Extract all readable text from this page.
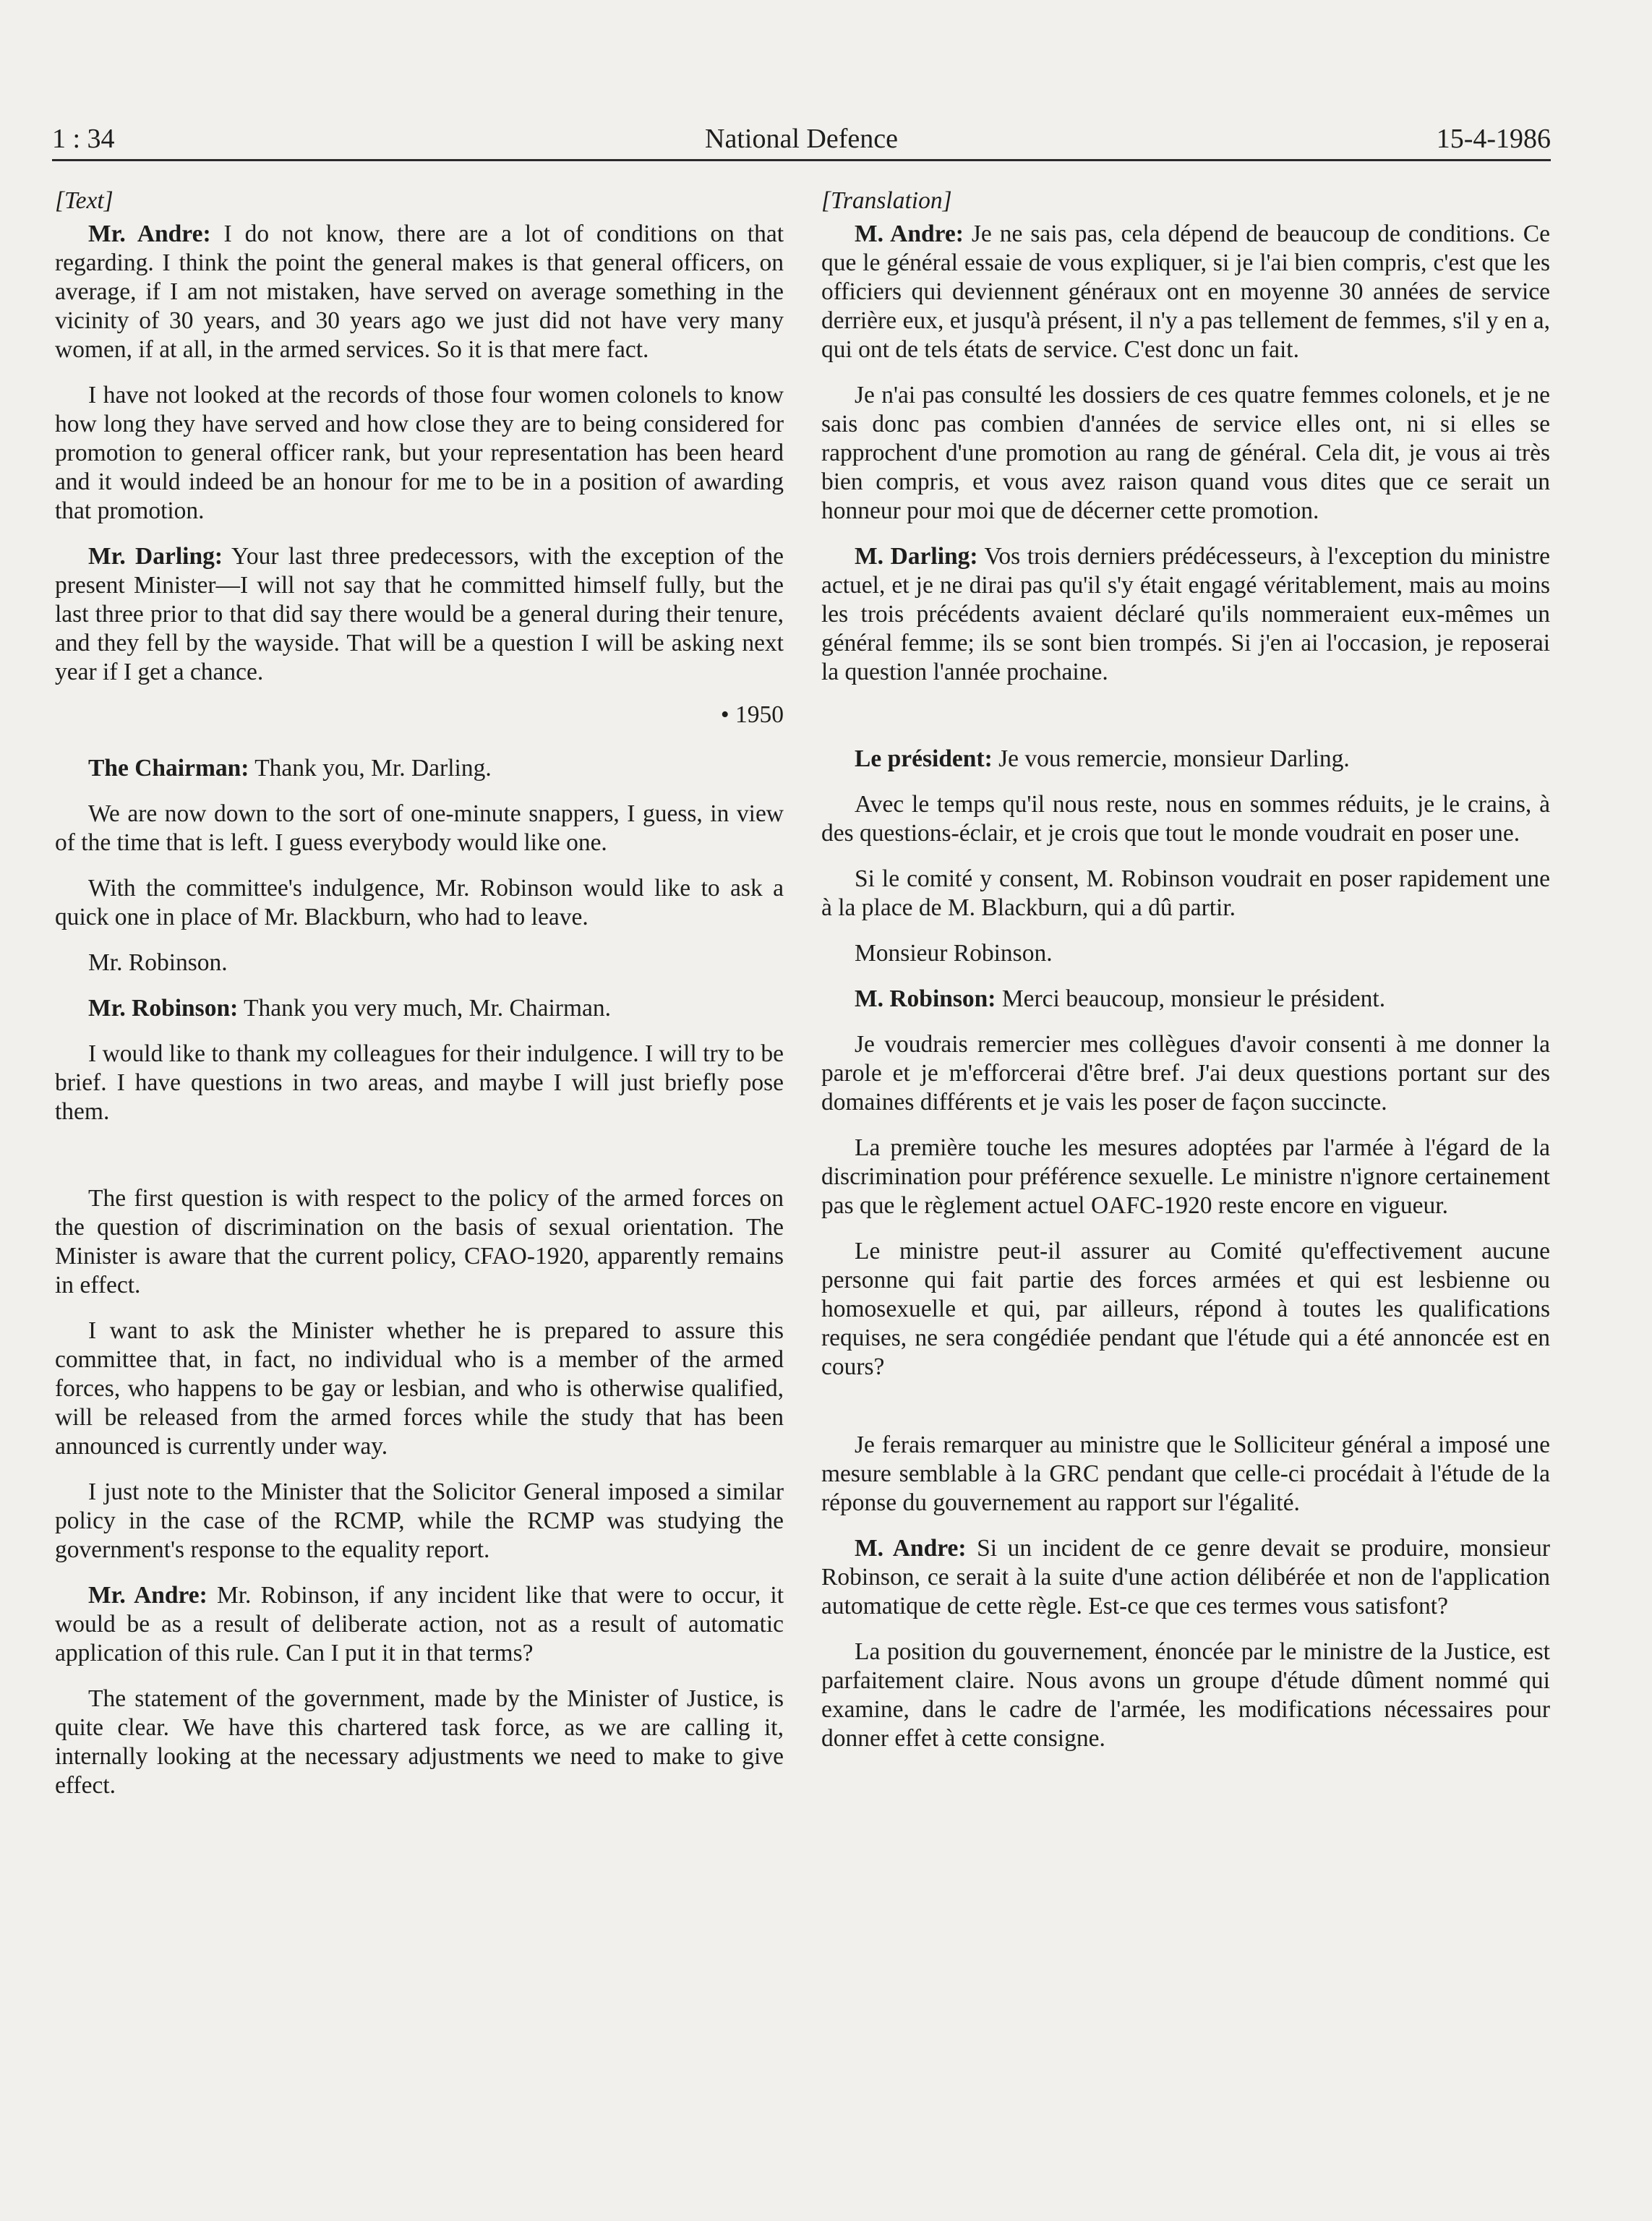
1 : 34	National Defence	15-4-1986
[Text]

Mr. Andre: I do not know, there are a lot of conditions on that regarding. I think the point the general makes is that general officers, on average, if I am not mistaken, have served on average something in the vicinity of 30 years, and 30 years ago we just did not have very many women, if at all, in the armed services. So it is that mere fact.

I have not looked at the records of those four women colonels to know how long they have served and how close they are to being considered for promotion to general officer rank, but your representation has been heard and it would indeed be an honour for me to be in a position of awarding that promotion.

Mr. Darling: Your last three predecessors, with the exception of the present Minister—I will not say that he committed himself fully, but the last three prior to that did say there would be a general during their tenure, and they fell by the wayside. That will be a question I will be asking next year if I get a chance.

• 1950

The Chairman: Thank you, Mr. Darling.

We are now down to the sort of one-minute snappers, I guess, in view of the time that is left. I guess everybody would like one.

With the committee's indulgence, Mr. Robinson would like to ask a quick one in place of Mr. Blackburn, who had to leave.

Mr. Robinson.

Mr. Robinson: Thank you very much, Mr. Chairman.

I would like to thank my colleagues for their indulgence. I will try to be brief. I have questions in two areas, and maybe I will just briefly pose them.

The first question is with respect to the policy of the armed forces on the question of discrimination on the basis of sexual orientation. The Minister is aware that the current policy, CFAO-1920, apparently remains in effect.

I want to ask the Minister whether he is prepared to assure this committee that, in fact, no individual who is a member of the armed forces, who happens to be gay or lesbian, and who is otherwise qualified, will be released from the armed forces while the study that has been announced is currently under way.

I just note to the Minister that the Solicitor General imposed a similar policy in the case of the RCMP, while the RCMP was studying the government's response to the equality report.

Mr. Andre: Mr. Robinson, if any incident like that were to occur, it would be as a result of deliberate action, not as a result of automatic application of this rule. Can I put it in that terms?

The statement of the government, made by the Minister of Justice, is quite clear. We have this chartered task force, as we are calling it, internally looking at the necessary adjustments we need to make to give effect.

[Translation]

M. Andre: Je ne sais pas, cela dépend de beaucoup de conditions. Ce que le général essaie de vous expliquer, si je l'ai bien compris, c'est que les officiers qui deviennent généraux ont en moyenne 30 années de service derrière eux, et jusqu'à présent, il n'y a pas tellement de femmes, s'il y en a, qui ont de tels états de service. C'est donc un fait.

Je n'ai pas consulté les dossiers de ces quatre femmes colonels, et je ne sais donc pas combien d'années de service elles ont, ni si elles se rapprochent d'une promotion au rang de général. Cela dit, je vous ai très bien compris, et vous avez raison quand vous dites que ce serait un honneur pour moi que de décerner cette promotion.

M. Darling: Vos trois derniers prédécesseurs, à l'exception du ministre actuel, et je ne dirai pas qu'il s'y était engagé véritablement, mais au moins les trois précédents avaient déclaré qu'ils nommeraient eux-mêmes un général femme; ils se sont bien trompés. Si j'en ai l'occasion, je reposerai la question l'année prochaine.

Le président: Je vous remercie, monsieur Darling.

Avec le temps qu'il nous reste, nous en sommes réduits, je le crains, à des questions-éclair, et je crois que tout le monde voudrait en poser une.

Si le comité y consent, M. Robinson voudrait en poser rapidement une à la place de M. Blackburn, qui a dû partir.

Monsieur Robinson.

M. Robinson: Merci beaucoup, monsieur le président.

Je voudrais remercier mes collègues d'avoir consenti à me donner la parole et je m'efforcerai d'être bref. J'ai deux questions portant sur des domaines différents et je vais les poser de façon succincte.

La première touche les mesures adoptées par l'armée à l'égard de la discrimination pour préférence sexuelle. Le ministre n'ignore certainement pas que le règlement actuel OAFC-1920 reste encore en vigueur.

Le ministre peut-il assurer au Comité qu'effectivement aucune personne qui fait partie des forces armées et qui est lesbienne ou homosexuelle et qui, par ailleurs, répond à toutes les qualifications requises, ne sera congédiée pendant que l'étude qui a été annoncée est en cours?

Je ferais remarquer au ministre que le Solliciteur général a imposé une mesure semblable à la GRC pendant que celle-ci procédait à l'étude de la réponse du gouvernement au rapport sur l'égalité.

M. Andre: Si un incident de ce genre devait se produire, monsieur Robinson, ce serait à la suite d'une action délibérée et non de l'application automatique de cette règle. Est-ce que ces termes vous satisfont?

La position du gouvernement, énoncée par le ministre de la Justice, est parfaitement claire. Nous avons un groupe d'étude dûment nommé qui examine, dans le cadre de l'armée, les modifications nécessaires pour donner effet à cette consigne.
